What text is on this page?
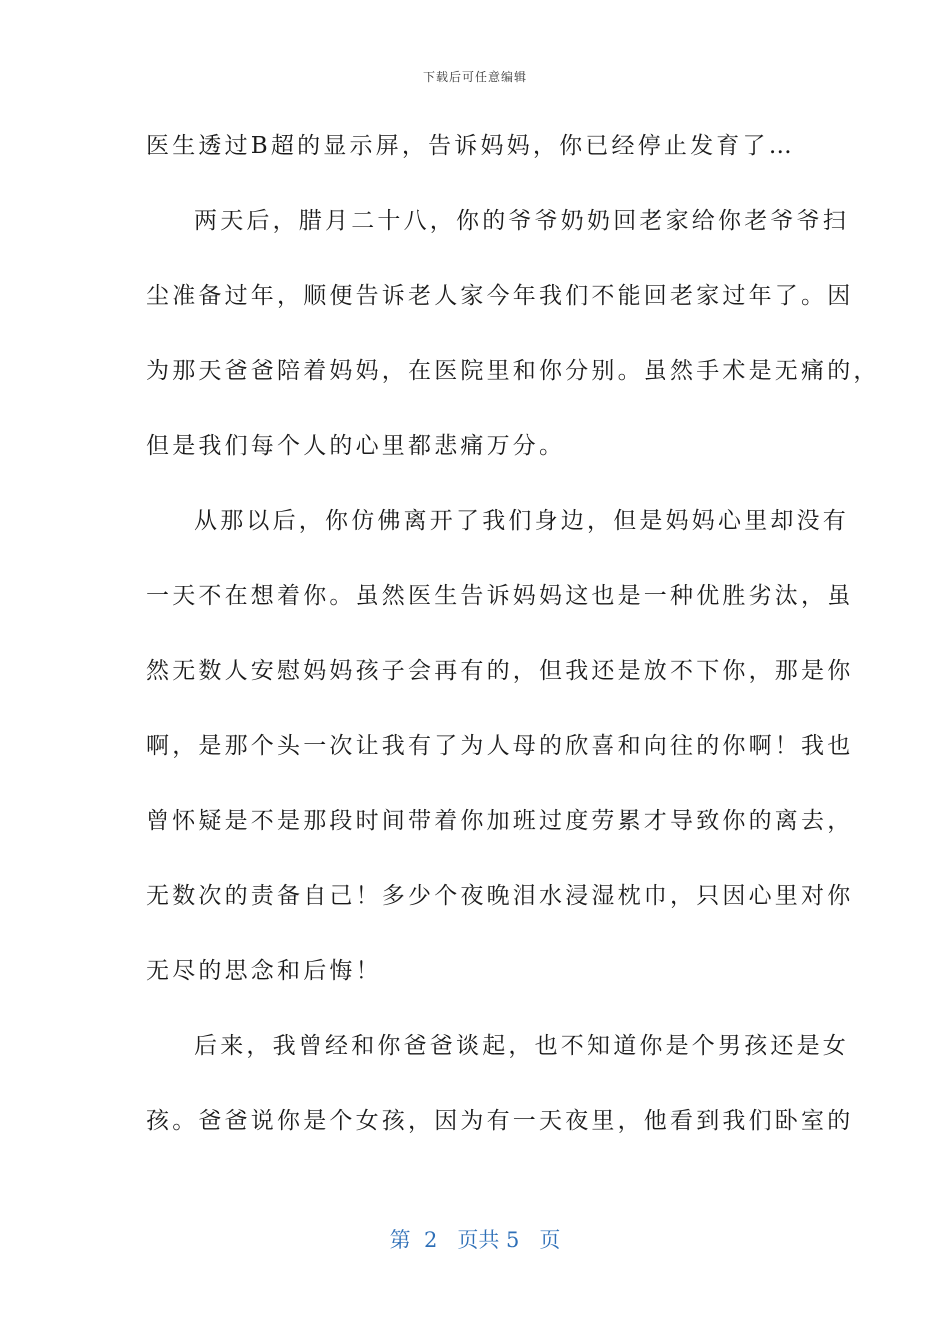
下载后可任意编辑
医生透过B超的显示屏，告诉妈妈，你已经停止发育了…
两天后，腊月二十八，你的爷爷奶奶回老家给你老爷爷扫
尘准备过年，顺便告诉老人家今年我们不能回老家过年了。因
为那天爸爸陪着妈妈，在医院里和你分别。虽然手术是无痛的，
但是我们每个人的心里都悲痛万分。
从那以后，你仿佛离开了我们身边，但是妈妈心里却没有
一天不在想着你。虽然医生告诉妈妈这也是一种优胜劣汰，虽
然无数人安慰妈妈孩子会再有的，但我还是放不下你，那是你
啊，是那个头一次让我有了为人母的欣喜和向往的你啊！我也
曾怀疑是不是那段时间带着你加班过度劳累才导致你的离去，
无数次的责备自己！多少个夜晚泪水浸湿枕巾，只因心里对你
无尽的思念和后悔！
后来，我曾经和你爸爸谈起，也不知道你是个男孩还是女
孩。爸爸说你是个女孩，因为有一天夜里，他看到我们卧室的
第  2   页共 5   页
